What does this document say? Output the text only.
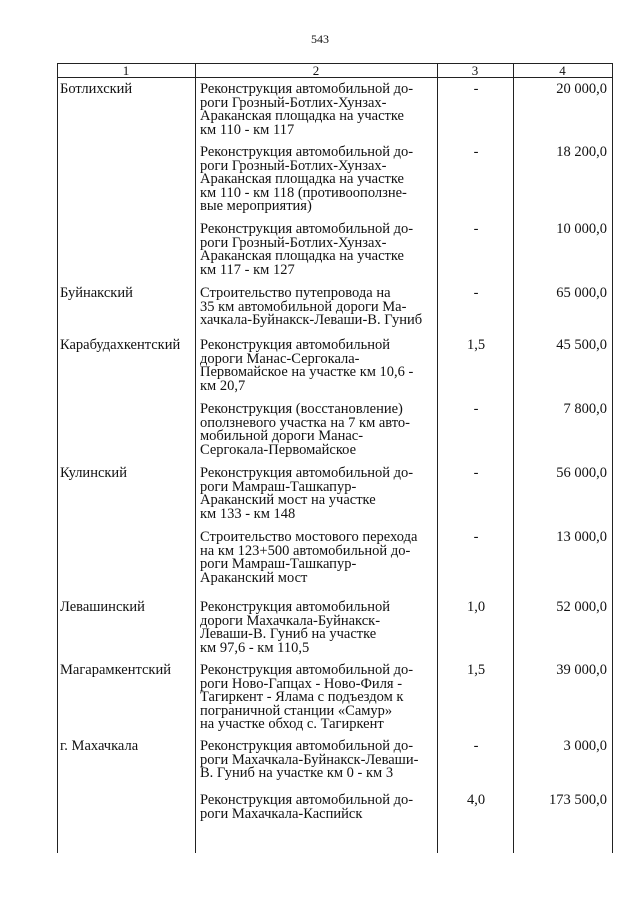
543
1	2	3	4
Ботлихский	Реконструкция автомобильной до-
роги Грозный-Ботлих-Хунзах-
Араканская площадка на участке
км 110 - км 117
-	20 000,0
Реконструкция автомобильной до-
роги Грозный-Ботлих-Хунзах-
Араканская площадка на участке
км 110 - км 118 (противооползне-
вые мероприятия)
-	18 200,0
Реконструкция автомобильной до-
роги Грозный-Ботлих-Хунзах-
Араканская площадка на участке
км 117 - км 127
-	10 000,0
Буйнакский	Строительство путепровода на
35 км автомобильной дороги Ма-
хачкала-Буйнакск-Леваши-В. Гуниб
-	65 000,0
Карабудахкентский	Реконструкция автомобильной
дороги Манас-Сергокала-
Первомайское на участке км 10,6 -
км 20,7
1,5	45 500,0
Реконструкция (восстановление)
оползневого участка на 7 км авто-
мобильной дороги Манас-
Сергокала-Первомайское
-	7 800,0
Кулинский	Реконструкция автомобильной до-
роги Мамраш-Ташкапур-
Араканский мост на участке
км 133 - км 148
-	56 000,0
Строительство мостового перехода
на км 123+500 автомобильной до-
роги Мамраш-Ташкапур-
Араканский мост
-	13 000,0
Левашинский	Реконструкция автомобильной
дороги Махачкала-Буйнакск-
Леваши-В. Гуниб на участке
км 97,6 - км 110,5
1,0	52 000,0
Магарамкентский	Реконструкция автомобильной до-
роги Ново-Гапцах - Ново-Филя -
Тагиркент - Ялама с подъездом к
пограничной станции «Самур»
на участке обход с. Тагиркент
1,5	39 000,0
г. Махачкала	Реконструкция автомобильной до-
роги Махачкала-Буйнакск-Леваши-
В. Гуниб на участке км 0 - км 3
-	3 000,0
Реконструкция автомобильной до-
роги Махачкала-Каспийск
4,0	173 500,0
